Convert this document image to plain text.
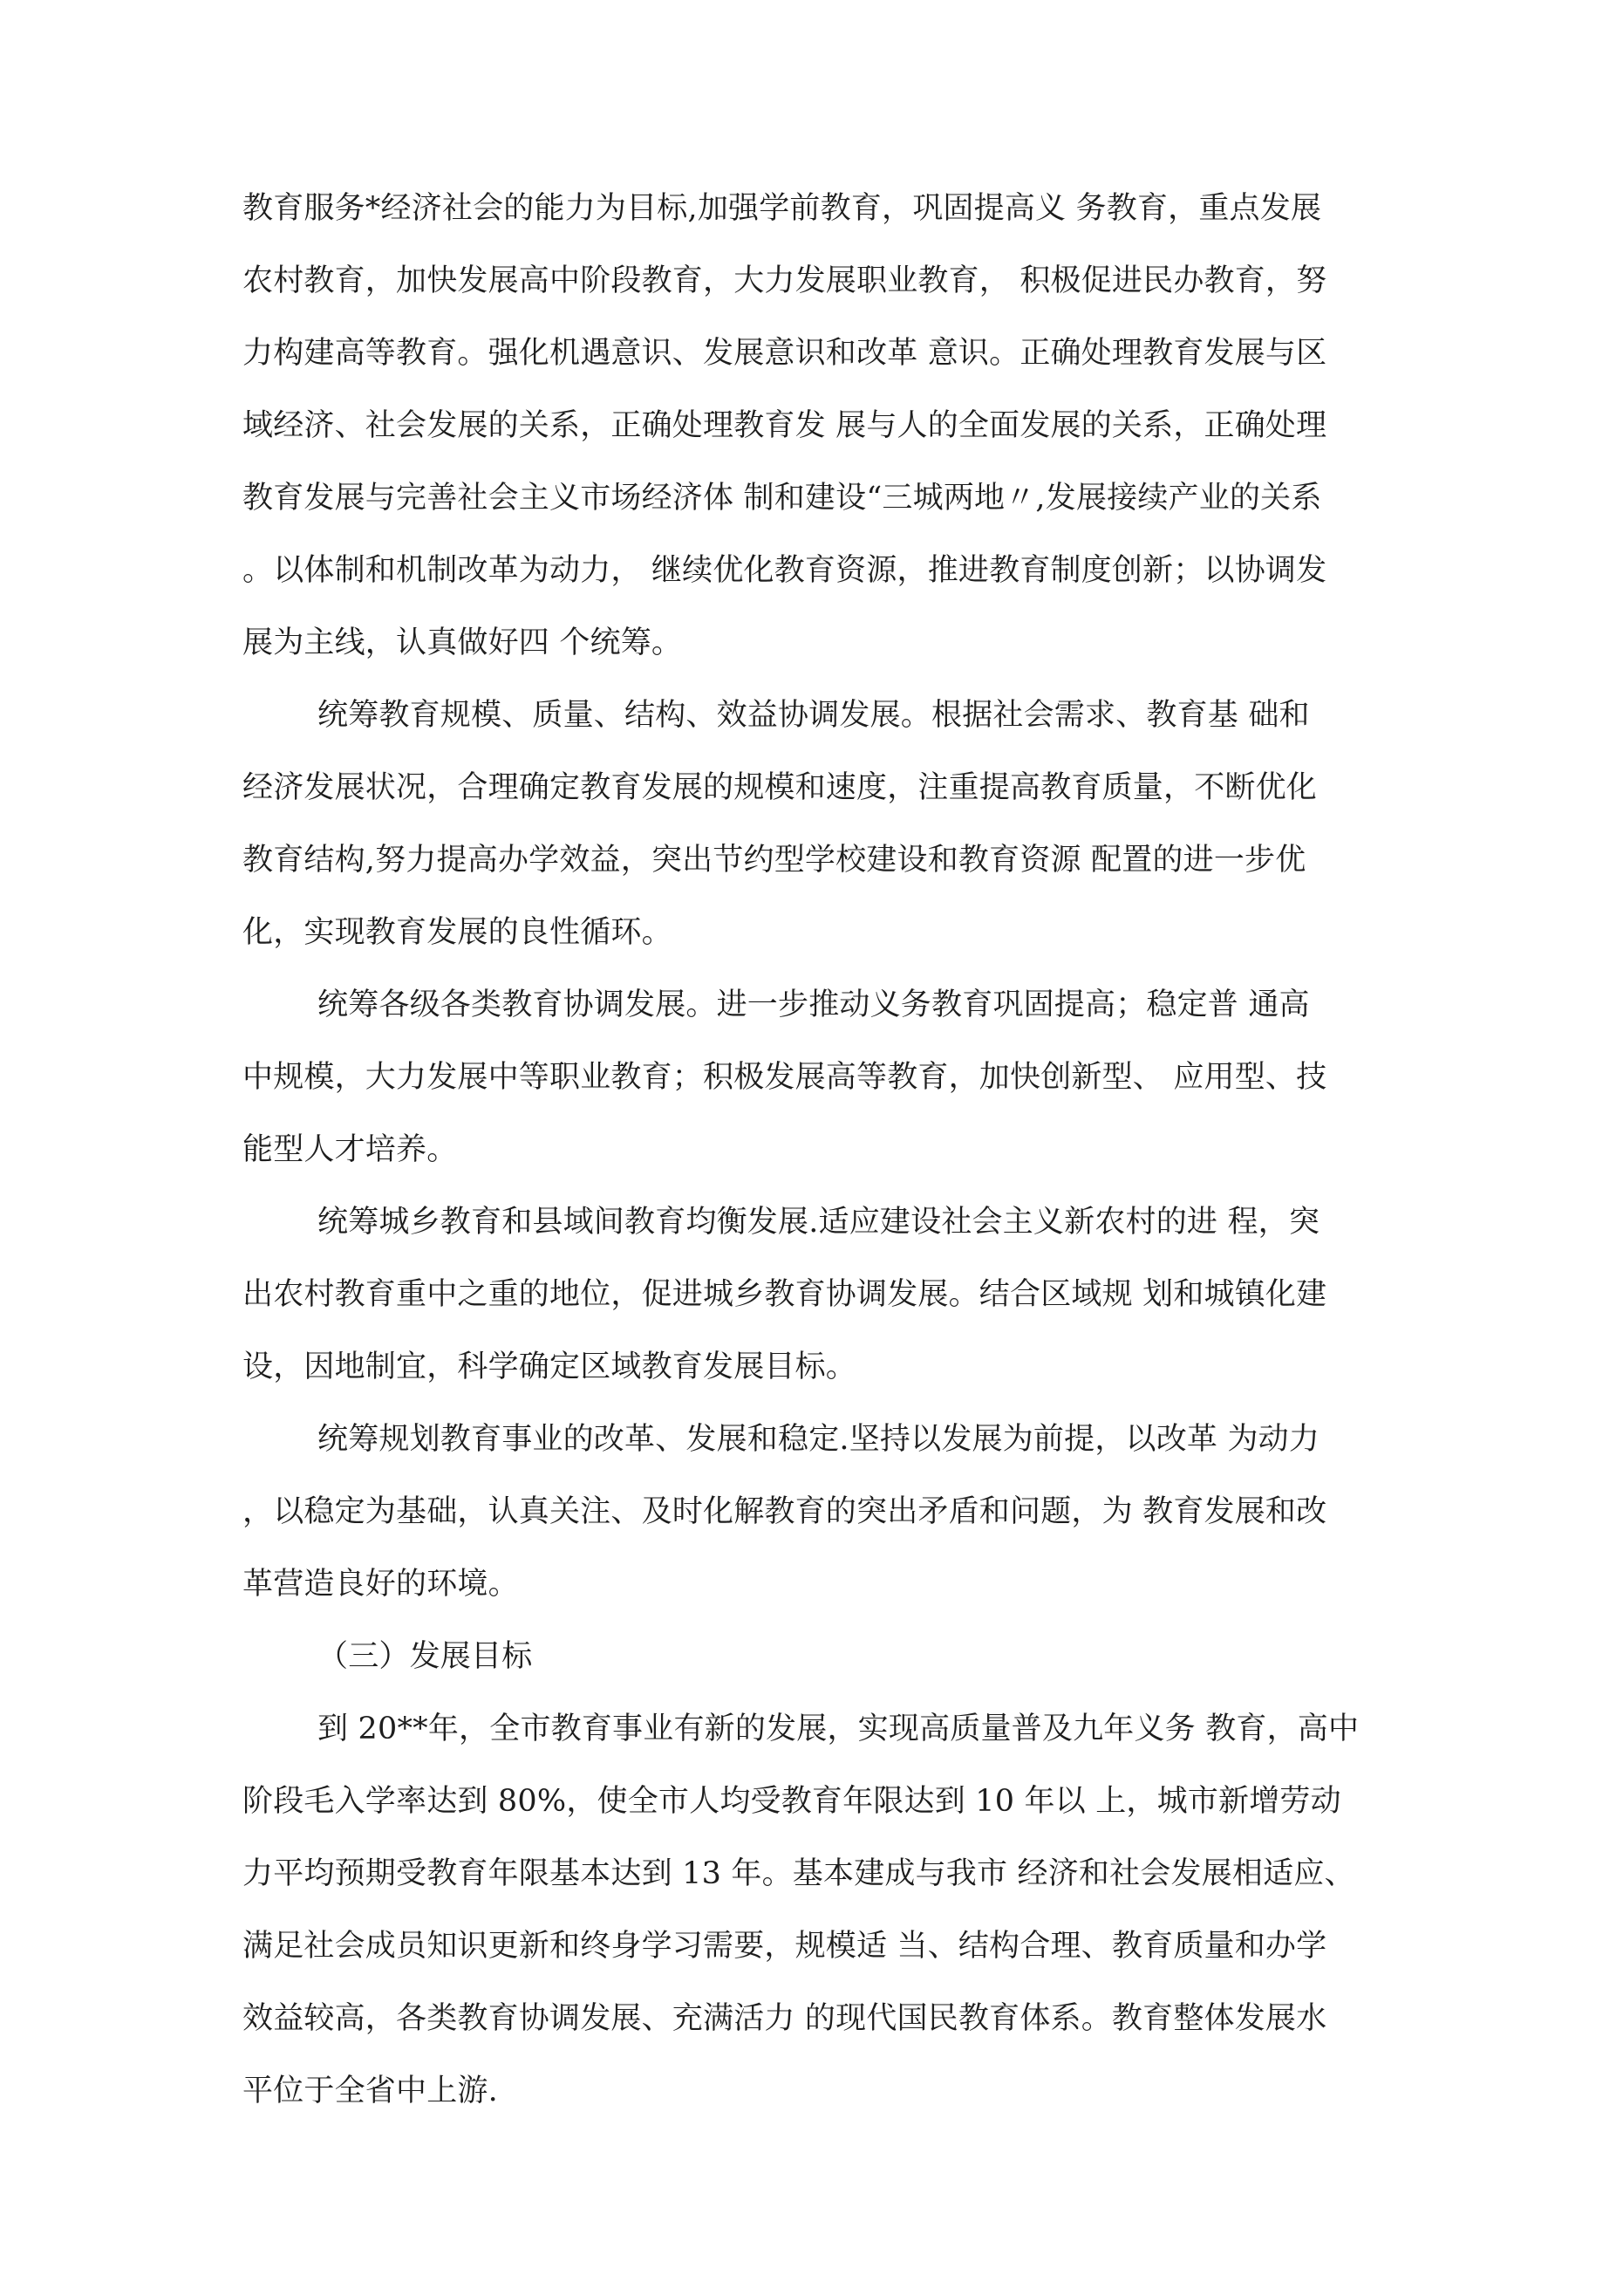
教育服务*经济社会的能力为目标,加强学前教育，巩固提高义 务教育，重点发展

农村教育，加快发展高中阶段教育，大力发展职业教育， 积极促进民办教育，努

力构建高等教育。强化机遇意识、发展意识和改革 意识。正确处理教育发展与区

域经济、社会发展的关系，正确处理教育发 展与人的全面发展的关系，正确处理

教育发展与完善社会主义市场经济体 制和建设“三城两地〃,发展接续产业的关系

。以体制和机制改革为动力， 继续优化教育资源，推进教育制度创新；以协调发

展为主线，认真做好四 个统筹。

统筹教育规模、质量、结构、效益协调发展。根据社会需求、教育基 础和

经济发展状况，合理确定教育发展的规模和速度，注重提高教育质量，不断优化

教育结构,努力提高办学效益，突出节约型学校建设和教育资源 配置的进一步优

化，实现教育发展的良性循环。

统筹各级各类教育协调发展。进一步推动义务教育巩固提高；稳定普 通高

中规模，大力发展中等职业教育；积极发展高等教育，加快创新型、 应用型、技

能型人才培养。

统筹城乡教育和县域间教育均衡发展.适应建设社会主义新农村的进 程，突

出农村教育重中之重的地位，促进城乡教育协调发展。结合区域规 划和城镇化建

设，因地制宜，科学确定区域教育发展目标。

统筹规划教育事业的改革、发展和稳定.坚持以发展为前提，以改革 为动力

，以稳定为基础，认真关注、及时化解教育的突出矛盾和问题，为 教育发展和改

革营造良好的环境。

（三）发展目标

到 20**年，全市教育事业有新的发展，实现高质量普及九年义务 教育，高中

阶段毛入学率达到 80%，使全市人均受教育年限达到 10 年以 上，城市新增劳动

力平均预期受教育年限基本达到 13 年。基本建成与我市 经济和社会发展相适应、

满足社会成员知识更新和终身学习需要，规模适 当、结构合理、教育质量和办学

效益较高，各类教育协调发展、充满活力 的现代国民教育体系。教育整体发展水

平位于全省中上游.
